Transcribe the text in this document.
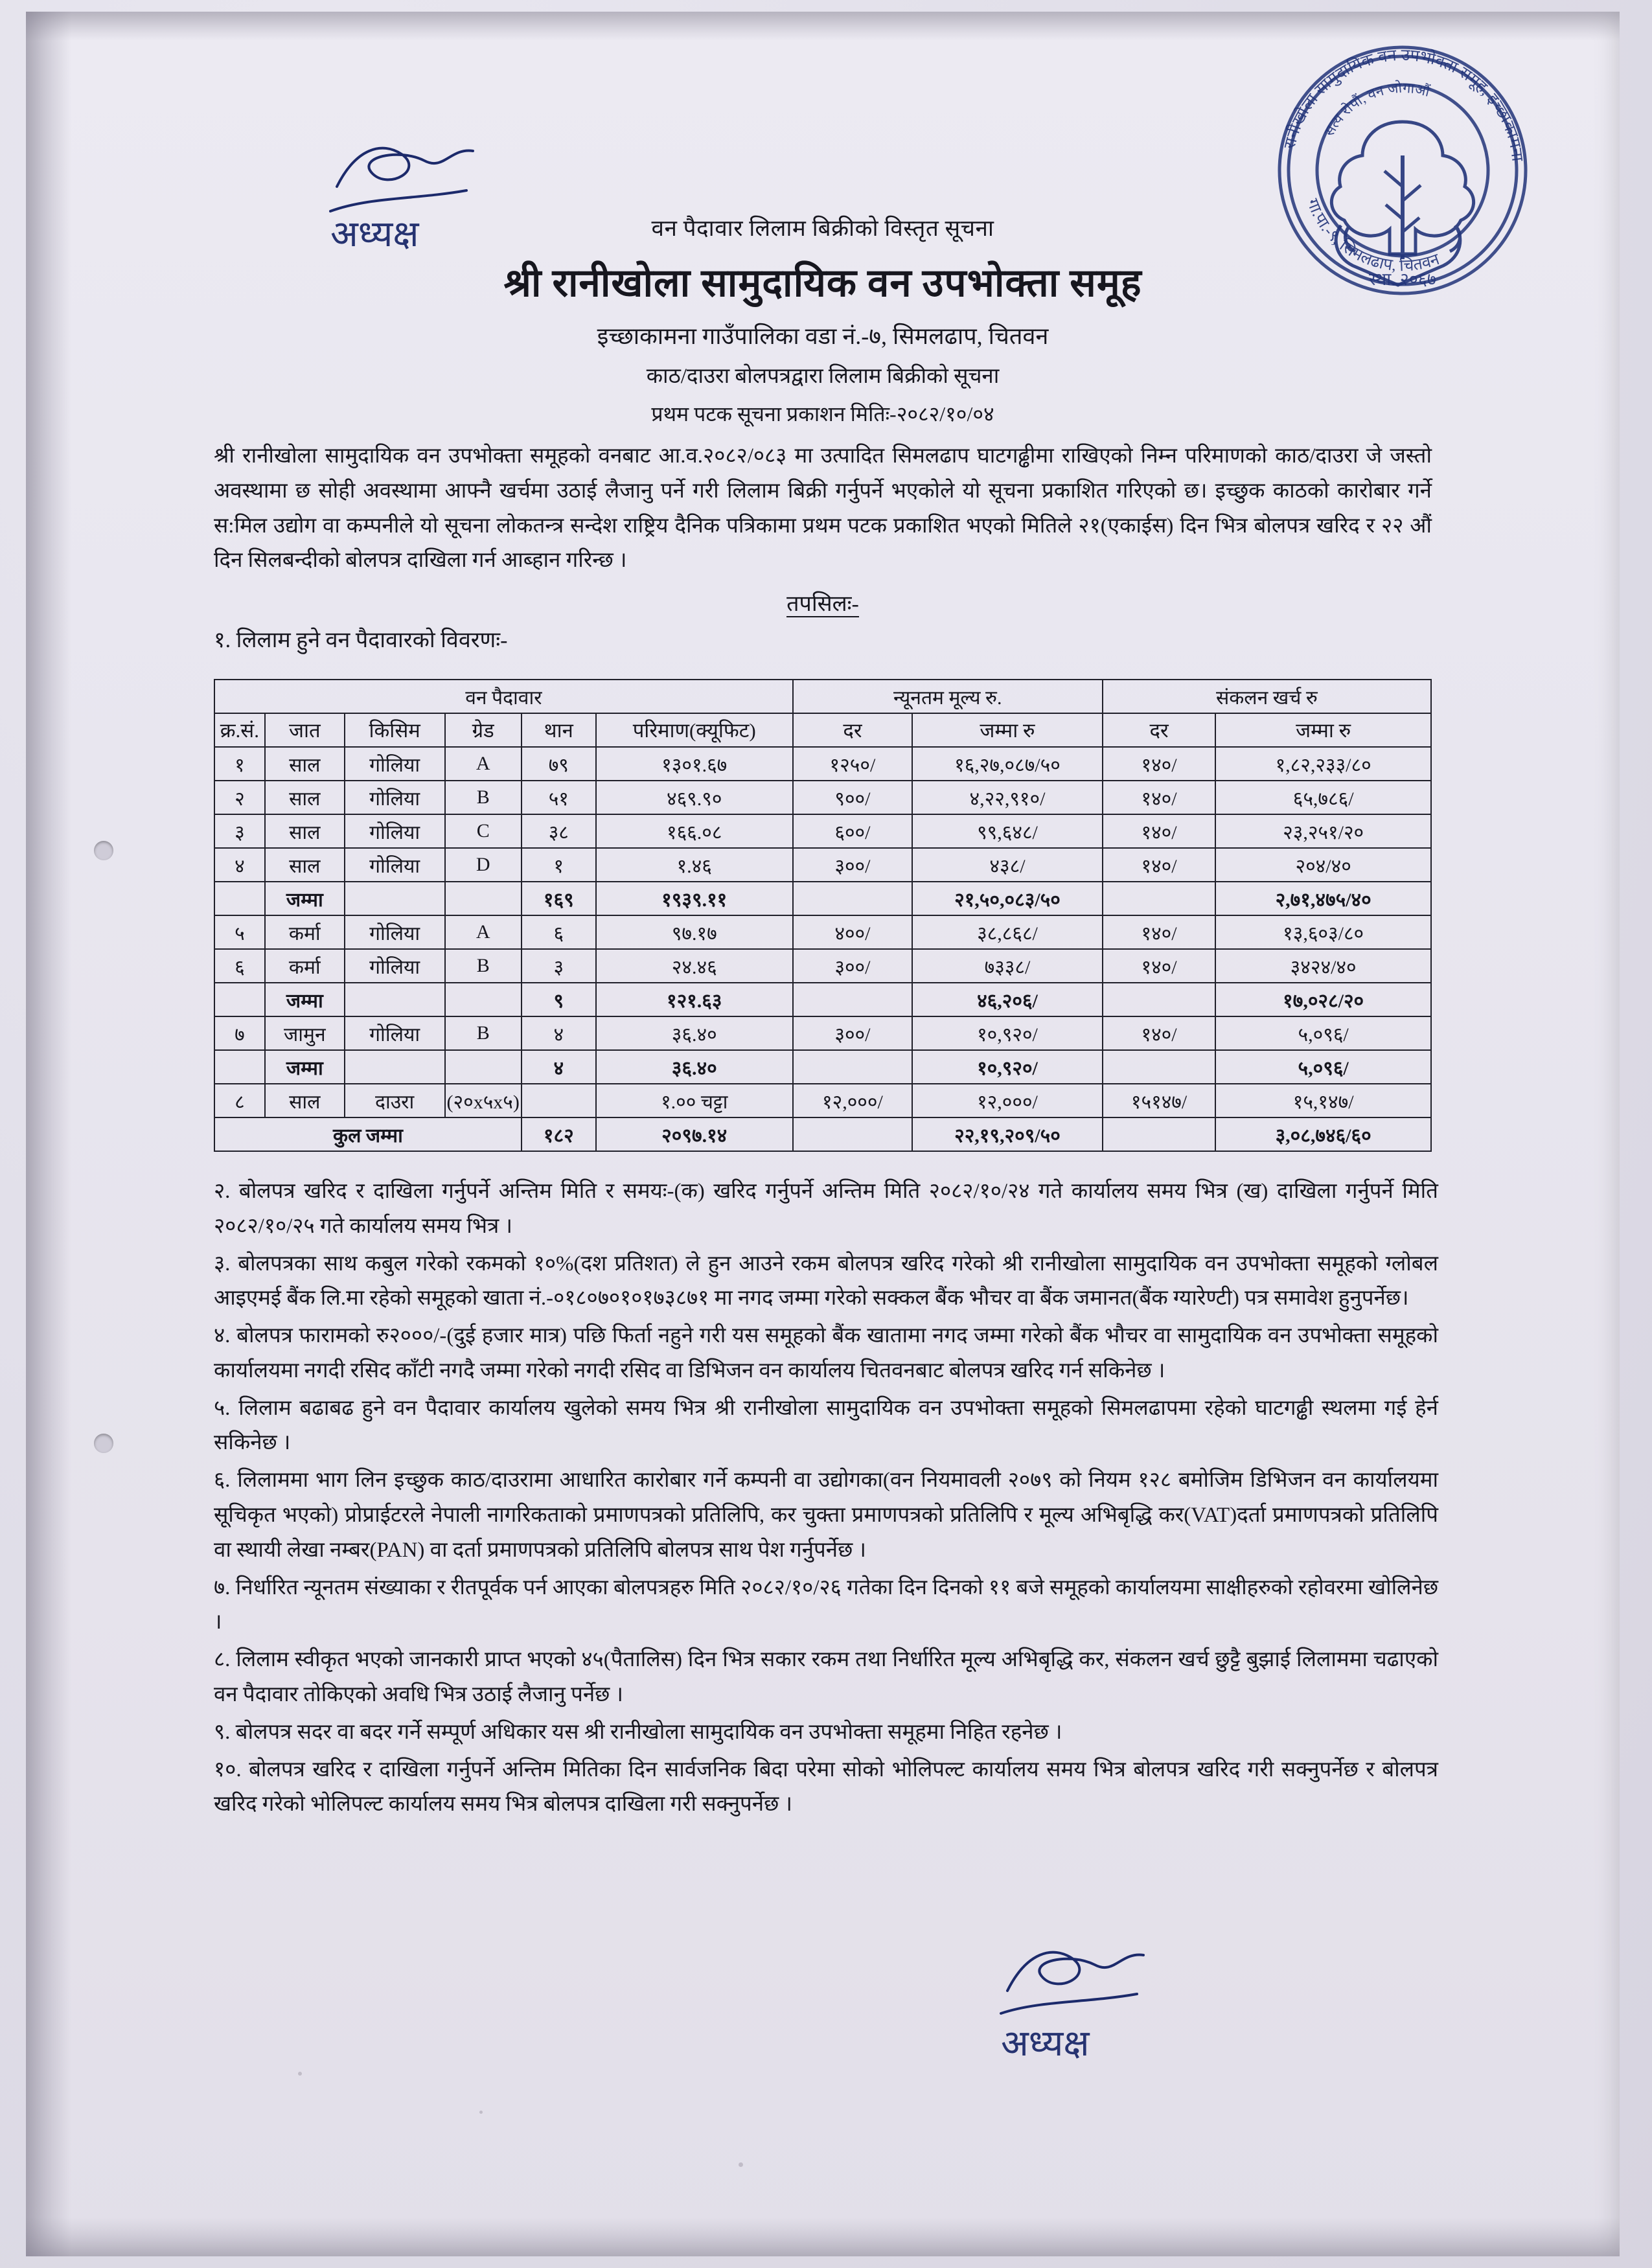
रानीखोला सामुदायिक वन उपभोक्ता समूह, इच्छाकामना
गा.पा.-९, सिमलढाप, चितवन
सत्य रोपौं, वन जोगाऔं
स्था. २०६७
अध्यक्ष	वन पैदावार लिलाम बिक्रीको विस्तृत सूचना
श्री रानीखोला सामुदायिक वन उपभोक्ता समूह
इच्छाकामना गाउँपालिका वडा नं.-७, सिमलढाप, चितवन
काठ/दाउरा बोलपत्रद्वारा लिलाम बिक्रीको सूचना
प्रथम पटक सूचना प्रकाशन मितिः-२०८२/१०/०४

श्री रानीखोला सामुदायिक वन उपभोक्ता समूहको वनबाट आ.व.२०८२/०८३ मा उत्पादित सिमलढाप घाटगढ्ढीमा राखिएको निम्न परिमाणको काठ/दाउरा जे जस्तो अवस्थामा छ सोही अवस्थामा आफ्नै खर्चमा उठाई लैजानु पर्ने गरी लिलाम बिक्री गर्नुपर्ने भएकोले यो सूचना प्रकाशित गरिएको छ। इच्छुक काठको कारोबार गर्ने स:मिल उद्योग वा कम्पनीले यो सूचना लोकतन्त्र सन्देश राष्ट्रिय दैनिक पत्रिकामा प्रथम पटक प्रकाशित भएको मितिले २१(एकाईस) दिन भित्र बोलपत्र खरिद र २२ औं दिन सिलबन्दीको बोलपत्र दाखिला गर्न आब्हान गरिन्छ ।

तपसिलः-
१. लिलाम हुने वन पैदावारको विवरणः-
वन पैदावार						न्यूनतम मूल्य रु.		संकलन खर्च रु	
क्र.सं.	जात	किसिम	ग्रेड	थान	परिमाण(क्यूफिट)	दर	जम्मा रु	दर	जम्मा रु
१	साल	गोलिया	A	७९	१३०१.६७	१२५०/	१६,२७,०८७/५०	१४०/	१,८२,२३३/८०
२	साल	गोलिया	B	५१	४६९.९०	९००/	४,२२,९१०/	१४०/	६५,७८६/
३	साल	गोलिया	C	३८	१६६.०८	६००/	९९,६४८/	१४०/	२३,२५१/२०
४	साल	गोलिया	D	१	१.४६	३००/	४३८/	१४०/	२०४/४०
	जम्मा			१६९	१९३९.११		२१,५०,०८३/५०		२,७१,४७५/४०
५	कर्मा	गोलिया	A	६	९७.१७	४००/	३८,८६८/	१४०/	१३,६०३/८०
६	कर्मा	गोलिया	B	३	२४.४६	३००/	७३३८/	१४०/	३४२४/४०
	जम्मा			९	१२१.६३		४६,२०६/		१७,०२८/२०
७	जामुन	गोलिया	B	४	३६.४०	३००/	१०,९२०/	१४०/	५,०९६/
	जम्मा			४	३६.४०		१०,९२०/		५,०९६/
८	साल	दाउरा	(२०x५x५)		१.०० चट्टा	१२,०००/	१२,०००/	१५१४७/	१५,१४७/
कुल जम्मा				१८२	२०९७.१४		२२,१९,२०९/५०		३,०८,७४६/६०

२. बोलपत्र खरिद र दाखिला गर्नुपर्ने अन्तिम मिति र समयः-(क) खरिद गर्नुपर्ने अन्तिम मिति २०८२/१०/२४ गते कार्यालय समय भित्र (ख) दाखिला गर्नुपर्ने मिति २०८२/१०/२५ गते कार्यालय समय भित्र ।

३. बोलपत्रका साथ कबुल गरेको रकमको १०%(दश प्रतिशत) ले हुन आउने रकम बोलपत्र खरिद गरेको श्री रानीखोला सामुदायिक वन उपभोक्ता समूहको ग्लोबल आइएमई बैंक लि.मा रहेको समूहको खाता नं.-०१८०७०१०१७३८७१ मा नगद जम्मा गरेको सक्कल बैंक भौचर वा बैंक जमानत(बैंक ग्यारेण्टी) पत्र समावेश हुनुपर्नेछ।

४. बोलपत्र फारामको रु२०००/-(दुई हजार मात्र) पछि फिर्ता नहुने गरी यस समूहको बैंक खातामा नगद जम्मा गरेको बैंक भौचर वा सामुदायिक वन उपभोक्ता समूहको कार्यालयमा नगदी रसिद काँटी नगदै जम्मा गरेको नगदी रसिद वा डिभिजन वन कार्यालय चितवनबाट बोलपत्र खरिद गर्न सकिनेछ ।

५. लिलाम बढाबढ हुने वन पैदावार कार्यालय खुलेको समय भित्र श्री रानीखोला सामुदायिक वन उपभोक्ता समूहको सिमलढापमा रहेको घाटगढ्ढी स्थलमा गई हेर्न सकिनेछ ।

६. लिलाममा भाग लिन इच्छुक काठ/दाउरामा आधारित कारोबार गर्ने कम्पनी वा उद्योगका(वन नियमावली २०७९ को नियम १२८ बमोजिम डिभिजन वन कार्यालयमा सूचिकृत भएको) प्रोप्राईटरले नेपाली नागरिकताको प्रमाणपत्रको प्रतिलिपि, कर चुक्ता प्रमाणपत्रको प्रतिलिपि र मूल्य अभिबृद्धि कर(VAT)दर्ता प्रमाणपत्रको प्रतिलिपि वा स्थायी लेखा नम्बर(PAN) वा दर्ता प्रमाणपत्रको प्रतिलिपि बोलपत्र साथ पेश गर्नुपर्नेछ ।

७. निर्धारित न्यूनतम संख्याका र रीतपूर्वक पर्न आएका बोलपत्रहरु मिति २०८२/१०/२६ गतेका दिन दिनको ११ बजे समूहको कार्यालयमा साक्षीहरुको रहोवरमा खोलिनेछ ।

८. लिलाम स्वीकृत भएको जानकारी प्राप्त भएको ४५(पैतालिस) दिन भित्र सकार रकम तथा निर्धारित मूल्य अभिबृद्धि कर, संकलन खर्च छुट्टै बुझाई लिलाममा चढाएको वन पैदावार तोकिएको अवधि भित्र उठाई लैजानु पर्नेछ ।

९. बोलपत्र सदर वा बदर गर्ने सम्पूर्ण अधिकार यस श्री रानीखोला सामुदायिक वन उपभोक्ता समूहमा निहित रहनेछ ।

१०. बोलपत्र खरिद र दाखिला गर्नुपर्ने अन्तिम मितिका दिन सार्वजनिक बिदा परेमा सोको भोलिपल्ट कार्यालय समय भित्र बोलपत्र खरिद गरी सक्नुपर्नेछ र बोलपत्र खरिद गरेको भोलिपल्ट कार्यालय समय भित्र बोलपत्र दाखिला गरी सक्नुपर्नेछ ।

अध्यक्ष
